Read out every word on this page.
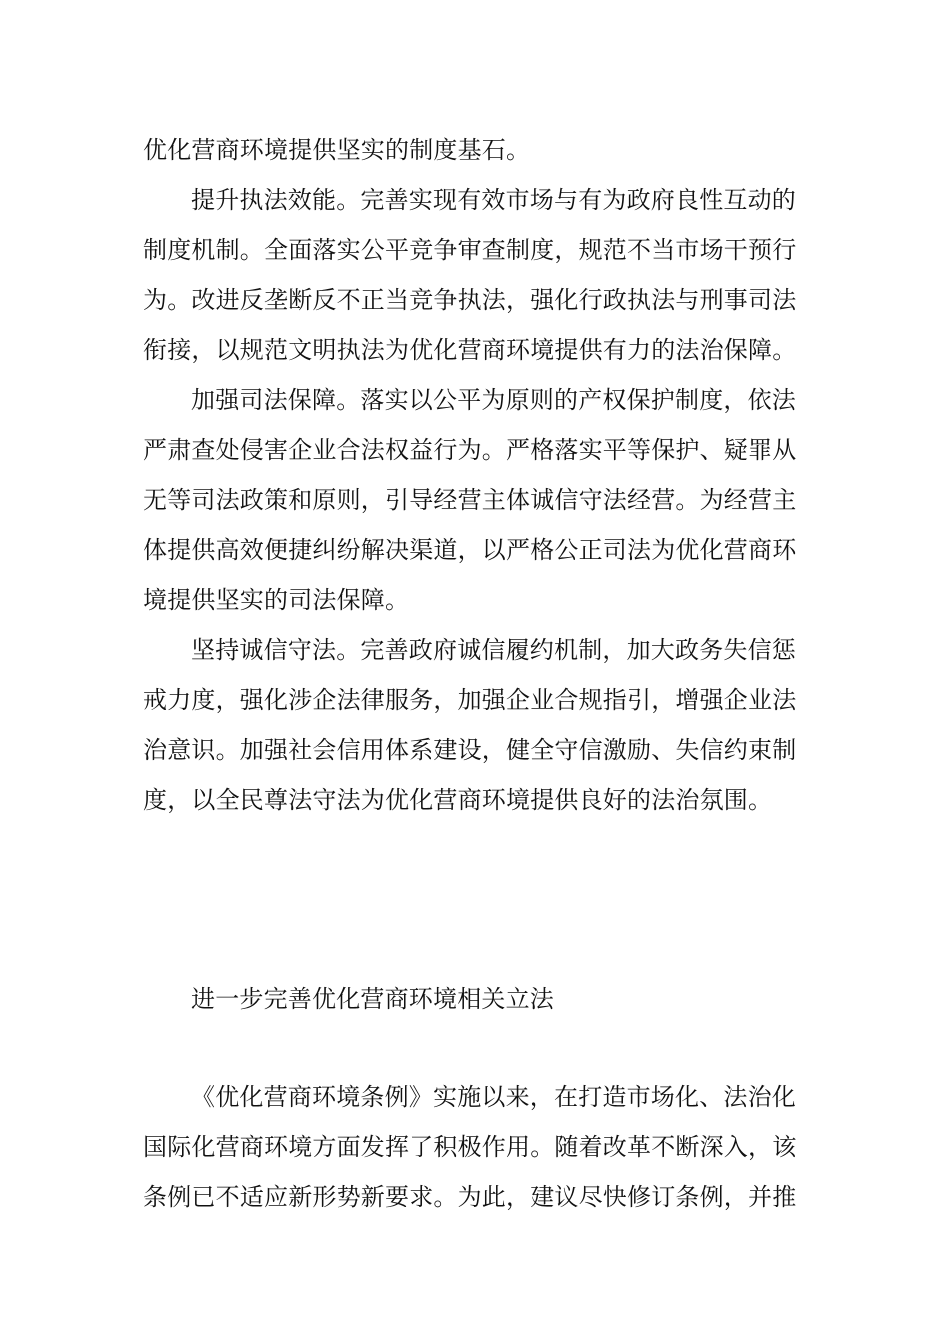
优化营商环境提供坚实的制度基石。
提升执法效能。完善实现有效市场与有为政府良性互动的
制度机制。全面落实公平竞争审查制度，规范不当市场干预行
为。改进反垄断反不正当竞争执法，强化行政执法与刑事司法
衔接，以规范文明执法为优化营商环境提供有力的法治保障。
加强司法保障。落实以公平为原则的产权保护制度，依法
严肃查处侵害企业合法权益行为。严格落实平等保护、疑罪从
无等司法政策和原则，引导经营主体诚信守法经营。为经营主
体提供高效便捷纠纷解决渠道，以严格公正司法为优化营商环
境提供坚实的司法保障。
坚持诚信守法。完善政府诚信履约机制，加大政务失信惩
戒力度，强化涉企法律服务，加强企业合规指引，增强企业法
治意识。加强社会信用体系建设，健全守信激励、失信约束制
度，以全民尊法守法为优化营商环境提供良好的法治氛围。
进一步完善优化营商环境相关立法
《优化营商环境条例》实施以来，在打造市场化、法治化
国际化营商环境方面发挥了积极作用。随着改革不断深入，该
条例已不适应新形势新要求。为此，建议尽快修订条例，并推
